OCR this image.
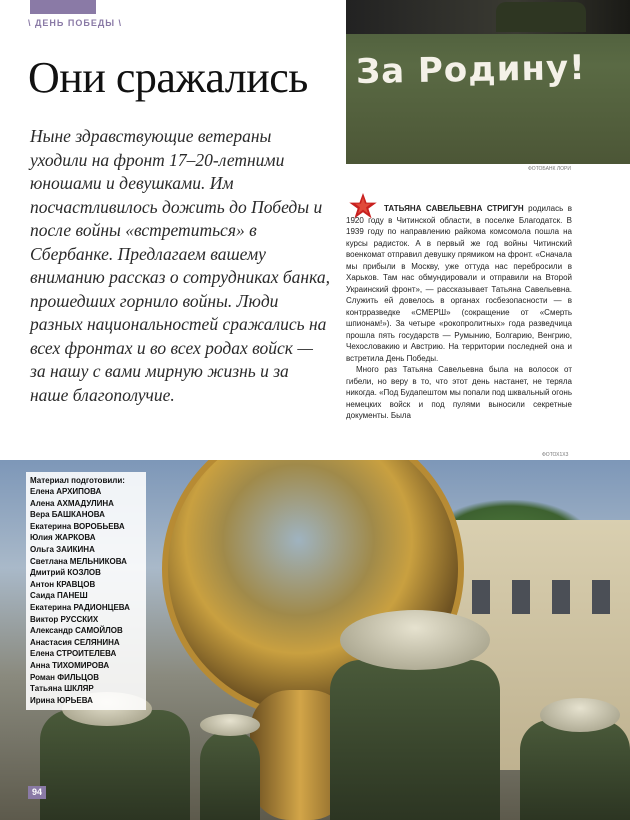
\ ДЕНЬ ПОБЕДЫ \
Они сражались

Ныне здравствующие ветераны уходили на фронт 17–20-летними юношами и девушками. Им посчастливилось дожить до Победы и после войны «встретиться» в Сбербанке. Предлагаем вашему вниманию рассказ о сотрудниках банка, прошедших горнило войны. Люди разных национальностей сражались на всех фронтах и во всех родах войск — за нашу с вами мирную жизнь и за наше благополучие.

За Родину!
ФОТОБАНК ЛОРИ

ТАТЬЯНА САВЕЛЬЕВНА СТРИГУН родилась в 1920 году в Читинской области, в поселке Благодатск. В 1939 году по направлению райкома комсомола пошла на курсы радисток. А в первый же год войны Читинский военкомат отправил девушку прямиком на фронт. «Сначала мы прибыли в Москву, уже оттуда нас перебросили в Харьков. Там нас обмундировали и отправили на Второй Украинский фронт», — рассказывает Татьяна Савельевна. Служить ей довелось в органах госбезопасности — в контрразведке «СМЕРШ» (сокращение от «Смерть шпионам!»). За четыре «рокопролитных» года разведчица прошла пять государств — Румынию, Болгарию, Венгрию, Чехословакию и Австрию. На территории последней она и встретила День Победы.

Много раз Татьяна Савельевна была на волосок от гибели, но веру в то, что этот день настанет, не теряла никогда. «Под Будапештом мы попали под шквальный огонь немецких войск и под пулями выносили секретные документы. Была

ФОТОХ1X3
Материал подготовили:
Елена АРХИПОВА
Алена АХМАДУЛИНА
Вера БАШКАНОВА
Екатерина ВОРОБЬЕВА
Юлия ЖАРКОВА
Ольга ЗАИКИНА
Светлана МЕЛЬНИКОВА
Дмитрий КОЗЛОВ
Антон КРАВЦОВ
Саида ПАНЕШ
Екатерина РАДИОНЦЕВА
Виктор РУССКИХ
Александр САМОЙЛОВ
Анастасия СЕЛЯНИНА
Елена СТРОИТЕЛЕВА
Анна ТИХОМИРОВА
Роман ФИЛЬЦОВ
Татьяна ШКЛЯР
Ирина ЮРЬЕВА
94
